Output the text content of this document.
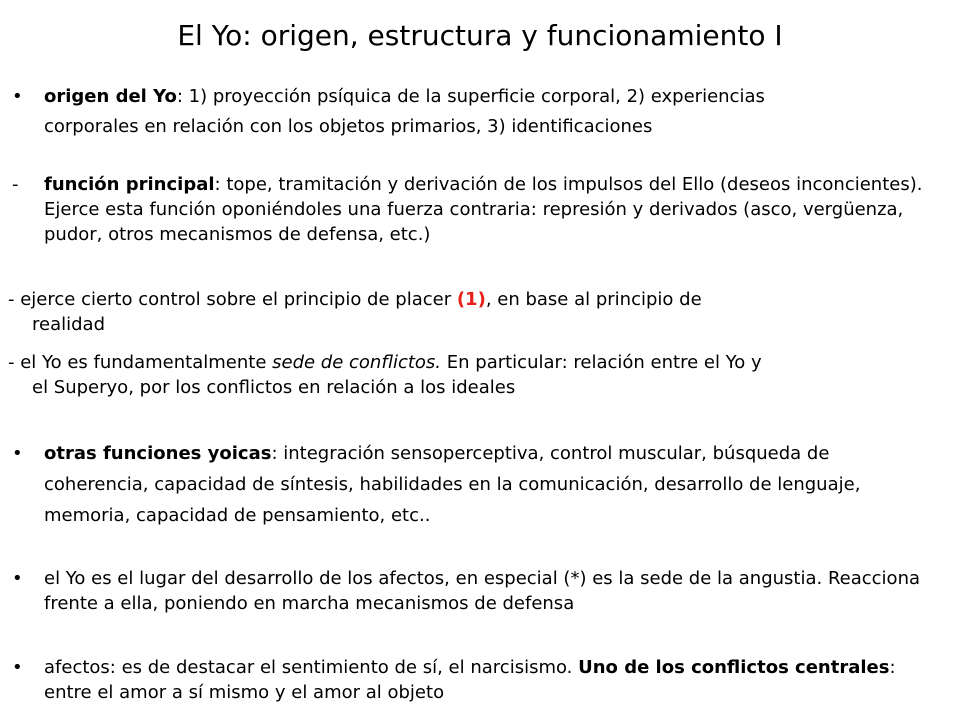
El Yo: origen, estructura y funcionamiento I
• origen del Yo: 1) proyección psíquica de la superficie corporal, 2) experiencias
corporales en relación con los objetos primarios, 3) identificaciones
- función principal: tope, tramitación y derivación de los impulsos del Ello (deseos inconcientes). Ejerce esta función oponiéndoles una fuerza contraria: represión y derivados (asco, vergüenza, pudor, otros mecanismos de defensa, etc.)
- ejerce cierto control sobre el principio de placer (1), en base al principio de
realidad
- el Yo es fundamentalmente sede de conflictos. En particular: relación entre el Yo y
el Superyo, por los conflictos en relación a los ideales
• otras funciones yoicas: integración sensoperceptiva, control muscular, búsqueda de coherencia, capacidad de síntesis, habilidades en la comunicación, desarrollo de lenguaje, memoria, capacidad de pensamiento, etc..
• el Yo es el lugar del desarrollo de los afectos, en especial (*) es la sede de la angustia. Reacciona frente a ella, poniendo en marcha mecanismos de defensa
• afectos: es de destacar el sentimiento de sí, el narcisismo. Uno de los conflictos centrales: entre el amor a sí mismo y el amor al objeto
